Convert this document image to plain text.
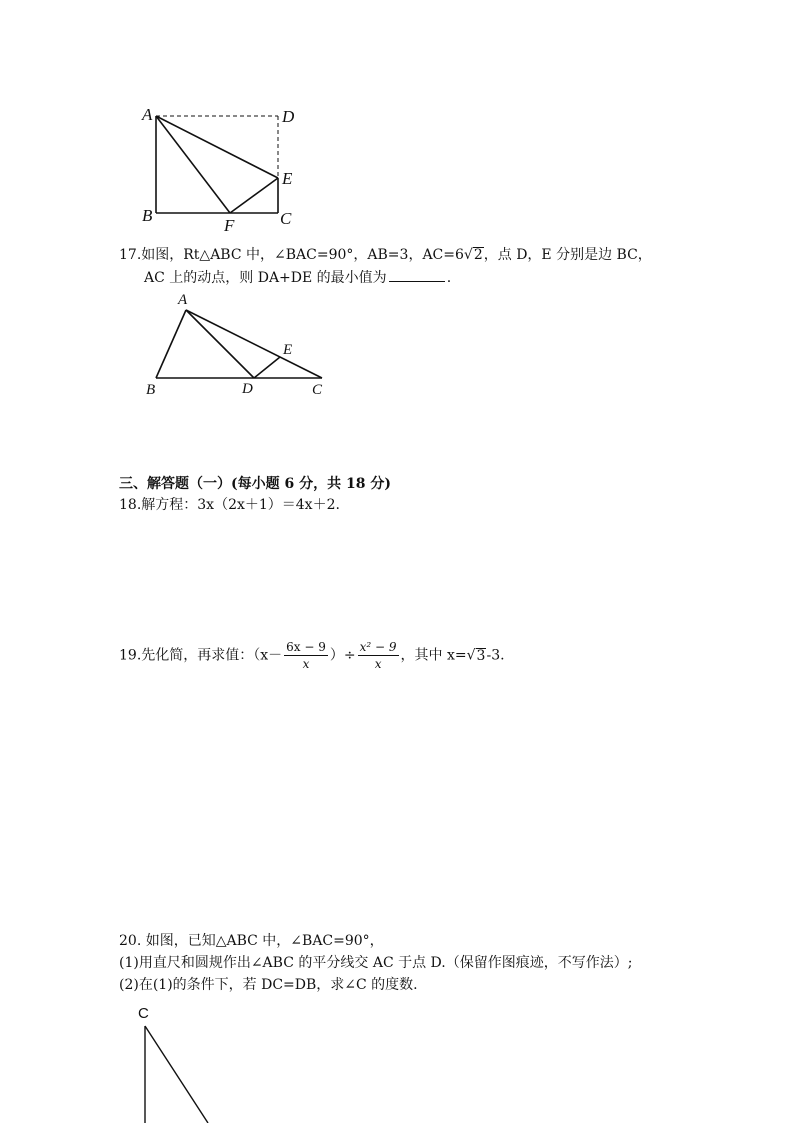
A	D
E
B
F	C
17.如图，Rt△ABC 中，∠BAC=90°，AB=3，AC=6√2，点 D，E 分别是边 BC，
AC 上的动点，则 DA+DE 的最小值为	.
A
E
B	D	C
三、解答题（一）(每小题 6 分，共 18 分)
18.解方程：3x（2x＋1）＝4x＋2.
19.先化简，再求值：（$x- \frac{6x - 9}{x}$ ）÷ $\frac{\text{x² − 9}}{x}$ ，其中 x=√3-3.
20. 如图，已知△ABC 中，∠BAC=90°，
(1)用直尺和圆规作出∠ABC 的平分线交 AC 于点 D.（保留作图痕迹，不写作法）;
(2)在(1)的条件下，若 DC=DB，求∠C 的度数.
C
